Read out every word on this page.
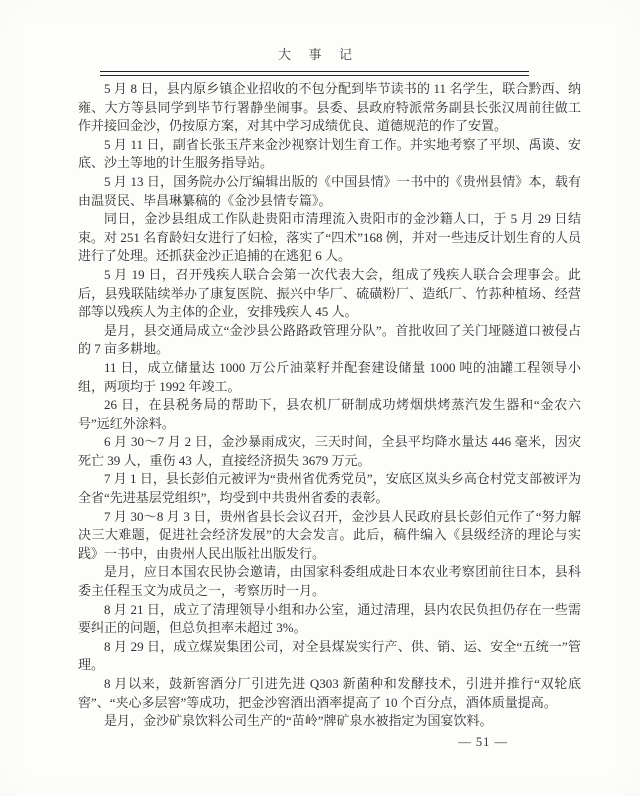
大事记

5 月 8 日，县内原乡镇企业招收的不包分配到毕节读书的 11 名学生，联合黔西、纳雍、大方等县同学到毕节行署静坐闹事。县委、县政府特派常务副县长张汉周前往做工作并接回金沙，仍按原方案，对其中学习成绩优良、道德规范的作了安置。

5 月 11 日，副省长张玉芹来金沙视察计划生育工作。并实地考察了平坝、禹谟、安底、沙土等地的计生服务指导站。

5 月 13 日，国务院办公厅编辑出版的《中国县情》一书中的《贵州县情》本，载有由温贤民、毕昌琳纂稿的《金沙县情专篇》。

同日，金沙县组成工作队赴贵阳市清理流入贵阳市的金沙籍人口，于 5 月 29 日结束。对 251 名育龄妇女进行了妇检，落实了“四术”168 例，并对一些违反计划生育的人员进行了处理。还抓获金沙正追捕的在逃犯 6 人。

5 月 19 日，召开残疾人联合会第一次代表大会，组成了残疾人联合会理事会。此后，县残联陆续举办了康复医院、振兴中华厂、硫磺粉厂、造纸厂、竹荪种植场、经营部等以残疾人为主体的企业，安排残疾人 45 人。

是月，县交通局成立“金沙县公路路政管理分队”。首批收回了关门垭隧道口被侵占的 7 亩多耕地。

11 日，成立储量达 1000 万公斤油菜籽并配套建设储量 1000 吨的油罐工程领导小组，两项均于 1992 年竣工。

26 日，在县税务局的帮助下，县农机厂研制成功烤烟烘烤蒸汽发生器和“金农六号”远红外涂料。

6 月 30～7 月 2 日，金沙暴雨成灾，三天时间，全县平均降水量达 446 毫米，因灾死亡 39 人，重伤 43 人，直接经济损失 3679 万元。

7 月 1 日，县长彭伯元被评为“贵州省优秀党员”，安底区岚头乡高仓村党支部被评为全省“先进基层党组织”，均受到中共贵州省委的表彰。

7 月 30～8 月 3 日，贵州省县长会议召开，金沙县人民政府县长彭伯元作了“努力解决三大难题，促进社会经济发展”的大会发言。此后，稿件编入《县级经济的理论与实践》一书中，由贵州人民出版社出版发行。

是月，应日本国农民协会邀请，由国家科委组成赴日本农业考察团前往日本，县科委主任程玉文为成员之一，考察历时一月。

8 月 21 日，成立了清理领导小组和办公室，通过清理，县内农民负担仍存在一些需要纠正的问题，但总负担率未超过 3%。

8 月 29 日，成立煤炭集团公司，对全县煤炭实行产、供、销、运、安全“五统一”管理。

8 月以来，鼓新窖酒分厂引进先进 Q303 新菌种和发酵技术，引进并推行“双轮底窖”、“夹心多层窖”等成功，把金沙窖酒出酒率提高了 10 个百分点，酒体质量提高。

是月，金沙矿泉饮料公司生产的“苗岭”牌矿泉水被指定为国宴饮料。

— 51 —
